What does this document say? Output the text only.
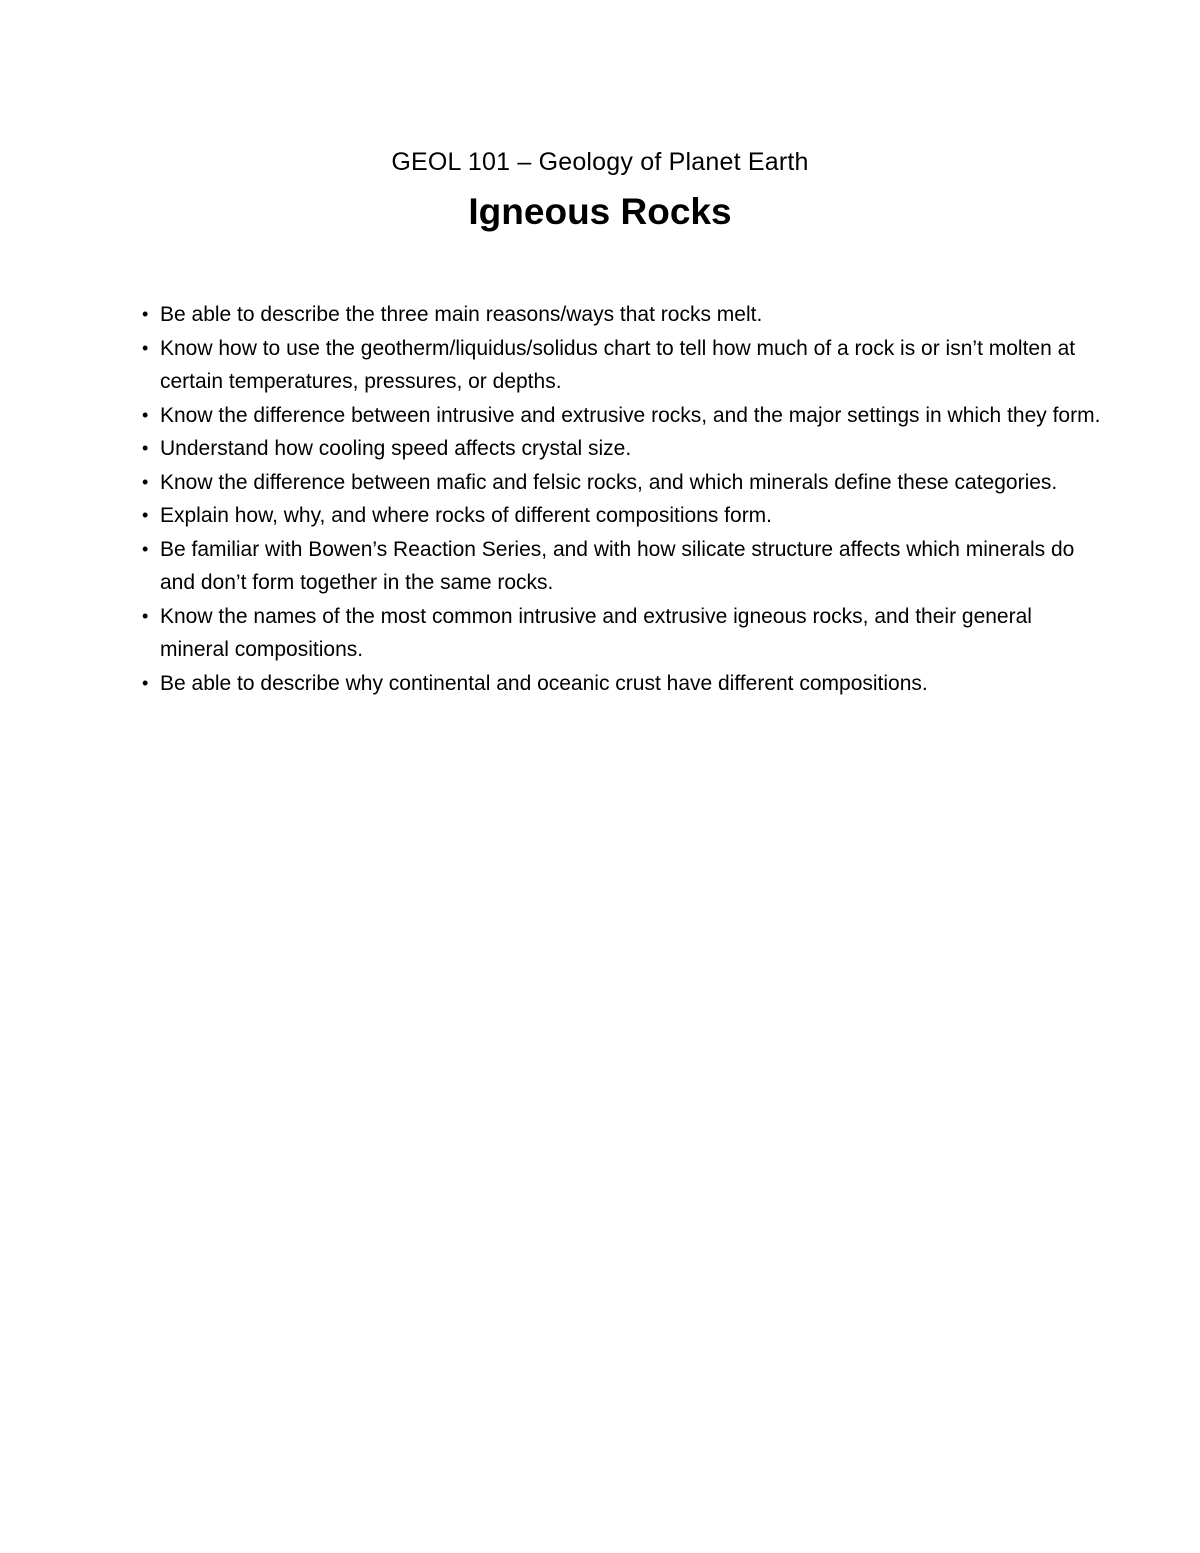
GEOL 101 – Geology of Planet Earth
Igneous Rocks
• Be able to describe the three main reasons/ways that rocks melt.
• Know how to use the geotherm/liquidus/solidus chart to tell how much of a rock is or isn’t molten at certain temperatures, pressures, or depths.
• Know the difference between intrusive and extrusive rocks, and the major settings in which they form.
• Understand how cooling speed affects crystal size.
• Know the difference between mafic and felsic rocks, and which minerals define these categories.
• Explain how, why, and where rocks of different compositions form.
• Be familiar with Bowen’s Reaction Series, and with how silicate structure affects which minerals do and don’t form together in the same rocks.
• Know the names of the most common intrusive and extrusive igneous rocks, and their general mineral compositions.
• Be able to describe why continental and oceanic crust have different compositions.
